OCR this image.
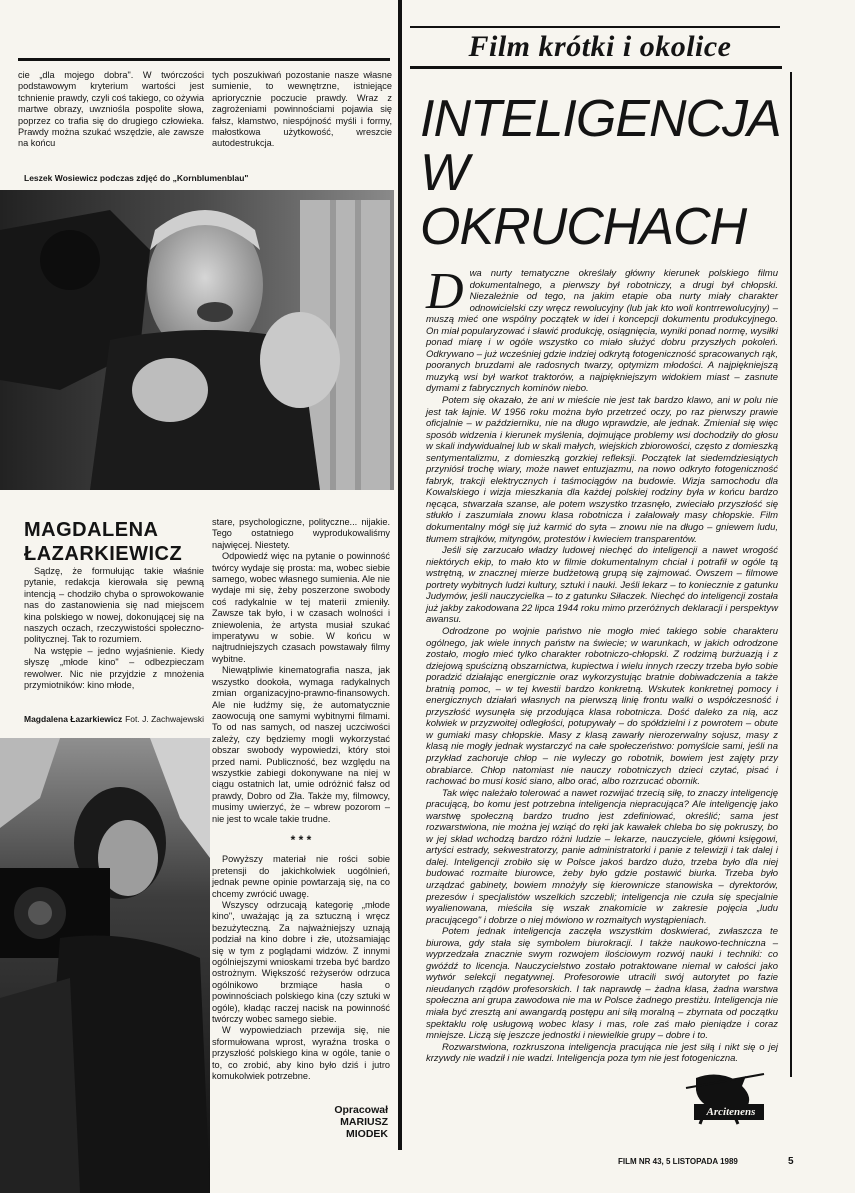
Film krótki i okolice
cie „dla mojego dobra". W twórczości podstawowym kryterium wartości jest tchnienie prawdy, czyli coś takiego, co ożywia martwe obrazy, uwzniośla pospolite słowa, poprzez co trafia się do drugiego człowieka. Prawdy można szukać wszędzie, ale zawsze na końcu
tych poszukiwań pozostanie nasze własne sumienie, to wewnętrzne, istniejące apriorycznie poczucie prawdy. Wraz z zagrożeniami powinnościami pojawia się fałsz, kłamstwo, niespójność myśli i formy, małostkowa użytkowość, wreszcie autodestrukcja.
Leszek Wosiewicz podczas zdjęć do „Kornblumenblau"
MAGDALENA
ŁAZARKIEWICZ

Sądzę, że formułując takie właśnie pytanie, redakcja kierowała się pewną intencją – chodziło chyba o sprowokowanie nas do zastanowienia się nad miejscem kina polskiego w nowej, dokonującej się na naszych oczach, rzeczywistości społeczno-politycznej. Tak to rozumiem.

Na wstępie – jedno wyjaśnienie. Kiedy słyszę „młode kino" – odbezpieczam rewolwer. Nic nie przyjdzie z mnożenia przymiotników: kino młode,

Magdalena Łazarkiewicz Fot. J. Zachwajewski

stare, psychologiczne, polityczne... nijakie. Tego ostatniego wyprodukowaliśmy najwięcej. Niestety.

Odpowiedź więc na pytanie o powinność twórcy wydaje się prosta: ma, wobec siebie samego, wobec własnego sumienia. Ale nie wydaje mi się, żeby poszerzone swobody coś radykalnie w tej materii zmieniły. Zawsze tak było, i w czasach wolności i zniewolenia, że artysta musiał szukać imperatywu w sobie. W końcu w najtrudniejszych czasach powstawały filmy wybitne.

Niewątpliwie kinematografia nasza, jak wszystko dookoła, wymaga radykalnych zmian organizacyjno-prawno-finansowych. Ale nie łudźmy się, że automatycznie zaowocują one samymi wybitnymi filmami. To od nas samych, od naszej uczciwości zależy, czy będziemy mogli wykorzystać obszar swobody wypowiedzi, który stoi przed nami. Publiczność, bez względu na wszystkie zabiegi dokonywane na niej w ciągu ostatnich lat, umie odróżnić fałsz od prawdy, Dobro od Zła. Także my, filmowcy, musimy uwierzyć, że – wbrew pozorom – nie jest to wcale takie trudne.

* * *

Powyższy materiał nie rości sobie pretensji do jakichkolwiek uogólnień, jednak pewne opinie powtarzają się, na co chcemy zwrócić uwagę.

Wszyscy odrzucają kategorię „młode kino", uważając ją za sztuczną i wręcz bezużyteczną. Za najważniejszy uznają podział na kino dobre i złe, utożsamiając się w tym z poglądami widzów. Z innymi ogólniejszymi wnioskami trzeba być bardzo ostrożnym. Większość reżyserów odrzuca ogólnikowo brzmiące hasła o powinnościach polskiego kina (czy sztuki w ogóle), kładąc raczej nacisk na powinność twórczy wobec samego siebie.

W wypowiedziach przewija się, nie sformułowana wprost, wyraźna troska o przyszłość polskiego kina w ogóle, tanie o to, co zrobić, aby kino było dziś i jutro komukolwiek potrzebne.

Opracował
MARIUSZ
MIODEK
INTELIGENCJA
W OKRUCHACH

Dwa nurty tematyczne określały główny kierunek polskiego filmu dokumentalnego, a pierwszy był robotniczy, a drugi był chłopski. Niezależnie od tego, na jakim etapie oba nurty miały charakter odnowicielski czy wręcz rewolucyjny (lub jak kto woli kontrrewolucyjny) – muszą mieć one wspólny początek w idei i koncepcji dokumentu produkcyjnego. On miał popularyzować i sławić produkcję, osiągnięcia, wyniki ponad normę, wysiłki ponad miarę i w ogóle wszystko co miało służyć dobru przyszłych pokoleń. Odkrywano – już wcześniej gdzie indziej odkrytą fotogeniczność spracowanych rąk, pooranych bruzdami ale radosnych twarzy, optymizm młodości. A najpiękniejszą muzyką wsi był warkot traktorów, a najpiękniejszym widokiem miast – zasnute dymami z fabrycznych kominów niebo.

Potem się okazało, że ani w mieście nie jest tak bardzo klawo, ani w polu nie jest tak łajnie. W 1956 roku można było przetrzeć oczy, po raz pierwszy prawie oficjalnie – w październiku, nie na długo wprawdzie, ale jednak. Zmieniał się więc sposób widzenia i kierunek myślenia, dojmujące problemy wsi dochodziły do głosu w skali indywidualnej lub w skali małych, wiejskich zbiorowości, często z domieszką sentymentalizmu, z domieszką gorzkiej refleksji. Początek lat siedemdziesiątych przyniósł trochę wiary, może nawet entuzjazmu, na nowo odkryto fotogeniczność fabryk, trakcji elektrycznych i taśmociągów na budowie. Wizja samochodu dla Kowalskiego i wizja mieszkania dla każdej polskiej rodziny była w końcu bardzo nęcąca, stwarzała szanse, ale potem wszystko trzasnęło, zwieciało przyszłość się stłukło i zaszumiała znowu klasa robotnicza i załalowały masy chłopskie. Film dokumentalny mógł się już karmić do syta – znowu nie na długo – gniewem ludu, tłumem strajków, mityngów, protestów i kwieciem transparentów.

Jeśli się zarzucało władzy ludowej niechęć do inteligencji a nawet wrogość niektórych ekip, to mało kto w filmie dokumentalnym chciał i potrafił w ogóle tą wstrętną, w znacznej mierze budżetową grupą się zajmować. Owszem – filmowe portrety wybitnych ludzi kultury, sztuki i nauki. Jeśli lekarz – to koniecznie z gatunku Judymów, jeśli nauczycielka – to z gatunku Siłaczek. Niechęć do inteligencji została już jakby zakodowana 22 lipca 1944 roku mimo przeróżnych deklaracji i perspektyw awansu.

Odrodzone po wojnie państwo nie mogło mieć takiego sobie charakteru ogólnego, jak wiele innych państw na świecie; w warunkach, w jakich odrodzone zostało, mogło mieć tylko charakter robotniczo-chłopski. Z rodzimą burżuazją i z dziejową spuścizną obszarnictwa, kupiectwa i wielu innych rzeczy trzeba było sobie poradzić działając energicznie oraz wykorzystując bratnie dobiwadczenia a także bratnią pomoc, – w tej kwestii bardzo konkretną. Wskutek konkretnej pomocy i energicznych działań własnych na pierwszą linię frontu walki o współczesność i przyszłość wysunęła się przodująca klasa robotnicza. Dość daleko za nią, acz kolwiek w przyzwoitej odległości, potupywały – do spółdzielni i z powrotem – obute w gumiaki masy chłopskie. Masy z klasą zawarły nierozerwalny sojusz, masy z klasą nie mogły jednak wystarczyć na całe społeczeństwo: pomyślcie sami, jeśli na przykład zachoruje chłop – nie wyleczy go robotnik, bowiem jest zajęty przy obrabiarce. Chłop natomiast nie nauczy robotniczych dzieci czytać, pisać i rachować bo musi kosić siano, albo orać, albo rozrzucać obornik.

Tak więc należało tolerować a nawet rozwijać trzecią siłę, to znaczy inteligencję pracującą, bo komu jest potrzebna inteligencja niepracująca? Ale inteligencję jako warstwę społeczną bardzo trudno jest zdefiniować, określić; sama jest rozwarstwiona, nie można jej wziąć do ręki jak kawałek chleba bo się pokruszy, bo w jej skład wchodzą bardzo różni ludzie – lekarze, nauczyciele, główni księgowi, artyści estrady, sekwestratorzy, panie administratorki i panie z telewizji i tak dalej i dalej. Inteligencji zrobiło się w Polsce jakoś bardzo dużo, trzeba było dla niej budować rozmaite biurowce, żeby było gdzie postawić biurka. Trzeba było urządzać gabinety, bowiem mnożyły się kierownicze stanowiska – dyrektorów, prezesów i specjalistów wszelkich szczebli; inteligencja nie czuła się specjalnie wyalienowana, mieściła się wszak znakomicie w zakresie pojęcia „ludu pracującego" i dobrze o niej mówiono w rozmaitych wystąpieniach.

Potem jednak inteligencja zaczęła wszystkim doskwierać, zwłaszcza te biurowa, gdy stała się symbolem biurokracji. I także naukowo-techniczna – wyprzedzała znacznie swym rozwojem ilościowym rozwój nauki i techniki: co gwóźdź to licencja. Nauczycielstwo zostało potraktowane niemal w całości jako wytwór selekcji negatywnej. Profesorowie utracili swój autorytet po fazie nieudanych rządów profesorskich. I tak naprawdę – żadna klasa, żadna warstwa społeczna ani grupa zawodowa nie ma w Polsce żadnego prestiżu. Inteligencja nie miała być zresztą ani awangardą postępu ani siłą moralną – zbyrnata od początku spektaklu rolę usługową wobec klasy i mas, role zaś mało pieniądze i coraz mniejsze. Liczą się jeszcze jednostki i niewielkie grupy – dobre i to.

Rozwarstwiona, rozkruszona inteligencja pracująca nie jest siłą i nikt się o jej krzywdy nie wadził i nie wadzi. Inteligencja poza tym nie jest fotogeniczna.

Arcitenens
FILM NR 43, 5 LISTOPADA 1989	5
